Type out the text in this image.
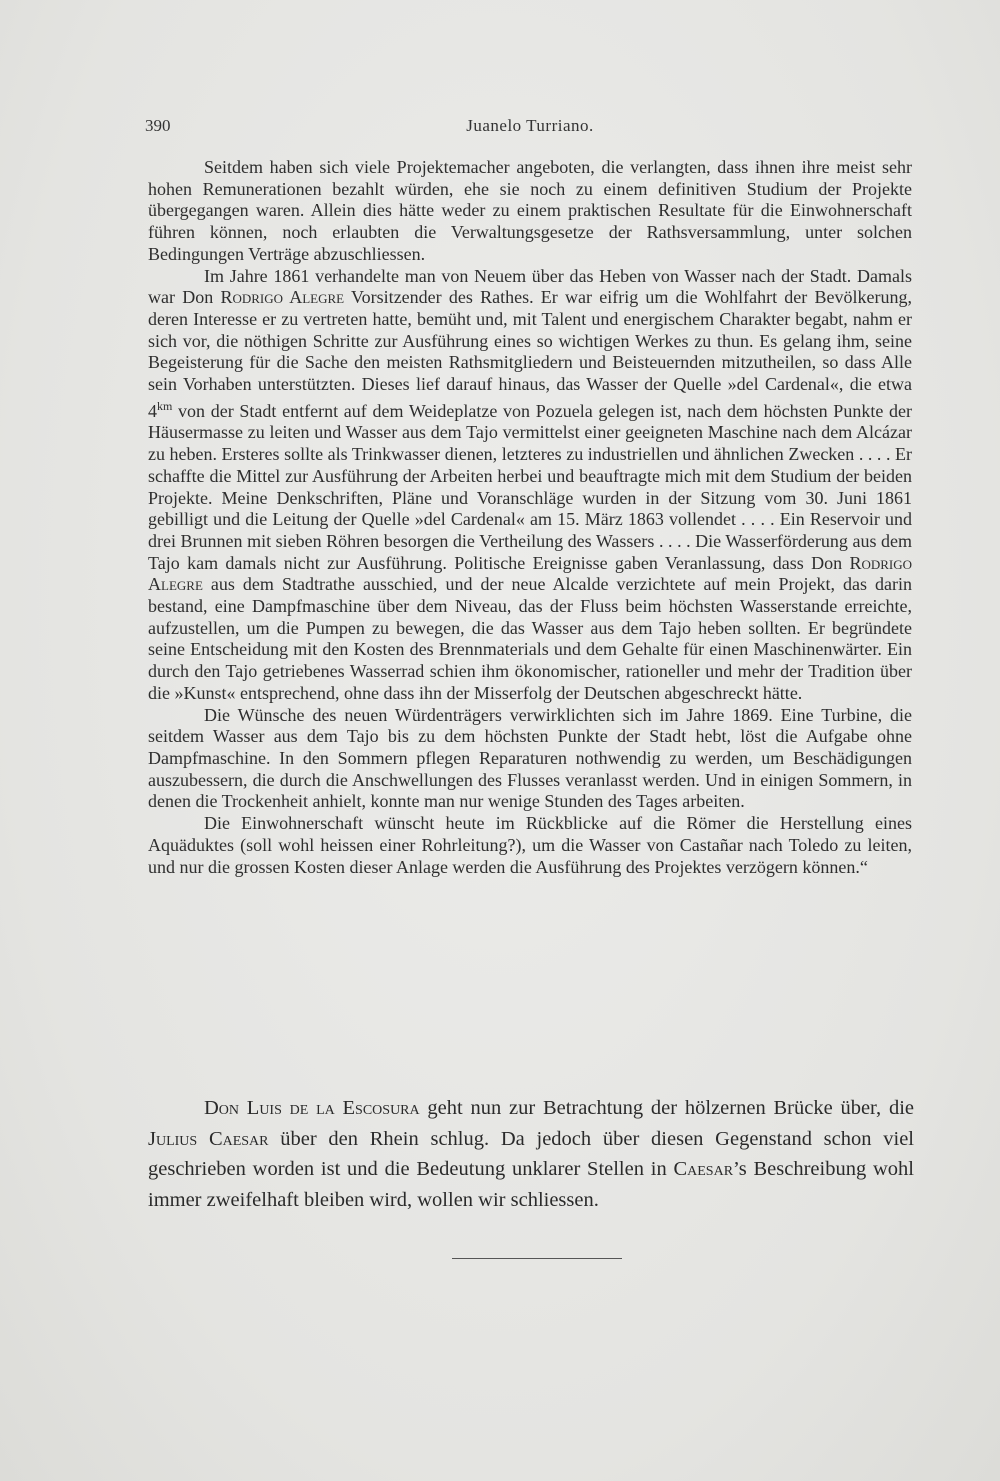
390	Juanelo Turriano.

Seitdem haben sich viele Projektemacher angeboten, die verlangten, dass ihnen ihre meist sehr hohen Remunerationen bezahlt würden, ehe sie noch zu einem definitiven Studium der Projekte übergegangen waren. Allein dies hätte weder zu einem praktischen Resultate für die Einwohnerschaft führen können, noch erlaubten die Verwaltungsgesetze der Rathsversammlung, unter solchen Bedingungen Verträge abzuschliessen.

Im Jahre 1861 verhandelte man von Neuem über das Heben von Wasser nach der Stadt. Damals war Don Rodrigo Alegre Vorsitzender des Rathes. Er war eifrig um die Wohlfahrt der Bevölkerung, deren Interesse er zu vertreten hatte, bemüht und, mit Talent und energischem Charakter begabt, nahm er sich vor, die nöthigen Schritte zur Ausführung eines so wichtigen Werkes zu thun. Es gelang ihm, seine Begeisterung für die Sache den meisten Rathsmitgliedern und Beisteuernden mitzutheilen, so dass Alle sein Vorhaben unterstützten. Dieses lief darauf hinaus, das Wasser der Quelle »del Cardenal«, die etwa $4^{km}$ von der Stadt entfernt auf dem Weideplatze von Pozuela gelegen ist, nach dem höchsten Punkte der Häusermasse zu leiten und Wasser aus dem Tajo vermittelst einer geeigneten Maschine nach dem Alcázar zu heben. Ersteres sollte als Trinkwasser dienen, letzteres zu industriellen und ähnlichen Zwecken . . . . Er schaffte die Mittel zur Ausführung der Arbeiten herbei und beauftragte mich mit dem Studium der beiden Projekte. Meine Denkschriften, Pläne und Voranschläge wurden in der Sitzung vom 30. Juni 1861 gebilligt und die Leitung der Quelle »del Cardenal« am 15. März 1863 vollendet . . . . Ein Reservoir und drei Brunnen mit sieben Röhren besorgen die Vertheilung des Wassers . . . . Die Wasserförderung aus dem Tajo kam damals nicht zur Ausführung. Politische Ereignisse gaben Veranlassung, dass Don Rodrigo Alegre aus dem Stadtrathe ausschied, und der neue Alcalde verzichtete auf mein Projekt, das darin bestand, eine Dampfmaschine über dem Niveau, das der Fluss beim höchsten Wasserstande erreichte, aufzustellen, um die Pumpen zu bewegen, die das Wasser aus dem Tajo heben sollten. Er begründete seine Entscheidung mit den Kosten des Brennmaterials und dem Gehalte für einen Maschinenwärter. Ein durch den Tajo getriebenes Wasserrad schien ihm ökonomischer, rationeller und mehr der Tradition über die »Kunst« entsprechend, ohne dass ihn der Misserfolg der Deutschen abgeschreckt hätte.

Die Wünsche des neuen Würdenträgers verwirklichten sich im Jahre 1869. Eine Turbine, die seitdem Wasser aus dem Tajo bis zu dem höchsten Punkte der Stadt hebt, löst die Aufgabe ohne Dampfmaschine. In den Sommern pflegen Reparaturen nothwendig zu werden, um Beschädigungen auszubessern, die durch die Anschwellungen des Flusses veranlasst werden. Und in einigen Sommern, in denen die Trockenheit anhielt, konnte man nur wenige Stunden des Tages arbeiten.

Die Einwohnerschaft wünscht heute im Rückblicke auf die Römer die Herstellung eines Aquäduktes (soll wohl heissen einer Rohrleitung?), um die Wasser von Castañar nach Toledo zu leiten, und nur die grossen Kosten dieser Anlage werden die Ausführung des Projektes verzögern können.“

Don Luis de la Escosura geht nun zur Betrachtung der hölzernen Brücke über, die Julius Caesar über den Rhein schlug. Da jedoch über diesen Gegenstand schon viel geschrieben worden ist und die Bedeutung unklarer Stellen in Caesar’s Beschreibung wohl immer zweifelhaft bleiben wird, wollen wir schliessen.
